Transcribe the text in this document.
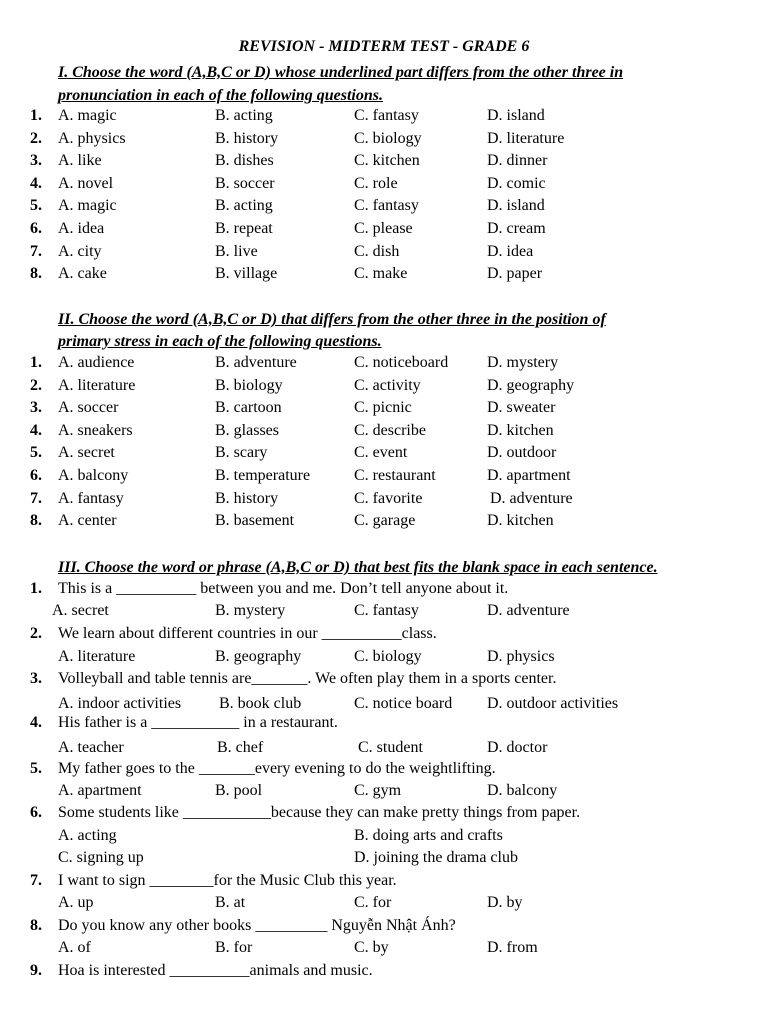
REVISION - MIDTERM TEST - GRADE 6
I. Choose the word (A,B,C or D) whose underlined part differs from the other three in
pronunciation in each of the following questions.
1. A. magic	B. acting	C. fantasy	D. island
2. A. physics	B. history	C. biology	D. literature
3. A. like	B. dishes	C. kitchen	D. dinner
4. A. novel	B. soccer	C. role	D. comic
5. A. magic	B. acting	C. fantasy	D. island
6. A. idea	B. repeat	C. please	D. cream
7. A. city	B. live	C. dish	D. idea
8. A. cake	B. village	C. make	D. paper
II. Choose the word (A,B,C or D) that differs from the other three in the position of
primary stress in each of the following questions.
1. A. audience	B. adventure	C. noticeboard D. mystery
2. A. literature	B. biology	C. activity	D. geography
3. A. soccer	B. cartoon	C. picnic	D. sweater
4. A. sneakers	B. glasses	C. describe	D. kitchen
5. A. secret	B. scary	C. event	D. outdoor
6. A. balcony	B. temperature	C. restaurant	D. apartment
7. A. fantasy	B. history	C. favorite	D. adventure
8. A. center	B. basement	C. garage	D. kitchen
III. Choose the word or phrase (A,B,C or D) that best fits the blank space in each sentence.
1. This is a __________ between you and me. Don’t tell anyone about it.
A. secret	B. mystery	C. fantasy	D. adventure
2. We learn about different countries in our __________class.
A. literature	B. geography	C. biology	D. physics
3. Volleyball and table tennis are_______. We often play them in a sports center.
A. indoor activities B. book club	C. notice board D. outdoor activities
4. His father is a ___________ in a restaurant.
A. teacher	B. chef	C. student	D. doctor
5. My father goes to the _______every evening to do the weightlifting.
A. apartment	B. pool	C. gym	D. balcony
6. Some students like ___________because they can make pretty things from paper.
A. acting	B. doing arts and crafts
C. signing up	D. joining the drama club
7. I want to sign ________for the Music Club this year.
A. up	B. at	C. for	D. by
8. Do you know any other books _________ Nguyễn Nhật Ánh?
A. of	B. for	C. by	D. from
9. Hoa is interested __________animals and music.
